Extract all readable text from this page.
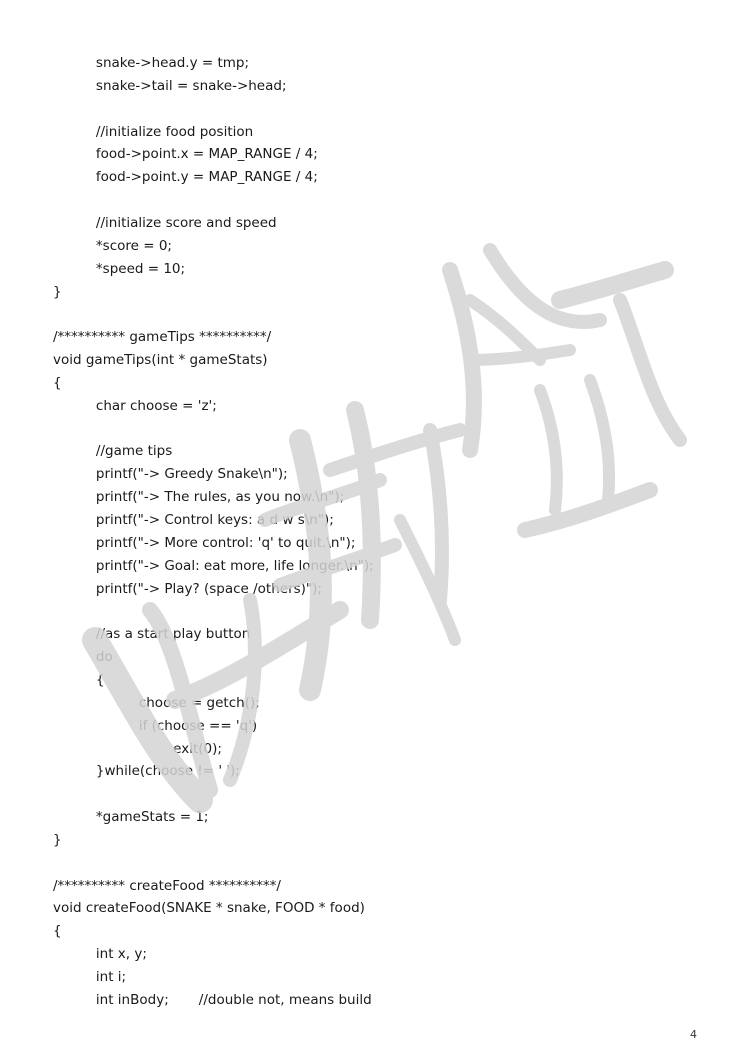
snake->head.y = tmp;
snake->tail = snake->head;
//initialize food position
food->point.x = MAP_RANGE / 4;
food->point.y = MAP_RANGE / 4;
//initialize score and speed
*score = 0;
*speed = 10;
}
/********** gameTips **********/
void gameTips(int * gameStats)
{
char choose = 'z';
//game tips
printf("-> Greedy Snake\n");
printf("-> The rules, as you now.\n");
printf("-> Control keys: a d w s\n");
printf("-> More control: 'q' to quit.\n");
printf("-> Goal: eat more, life longer.\n");
printf("-> Play? (space /others)");
//as a start play button
do
{
choose = getch();
if (choose == 'q')
exit(0);
}while(choose != ' ');
*gameStats = 1;
}
/********** createFood **********/
void createFood(SNAKE * snake, FOOD * food)
{
int x, y;
int i;
int inBody;       //double not, means build
4
